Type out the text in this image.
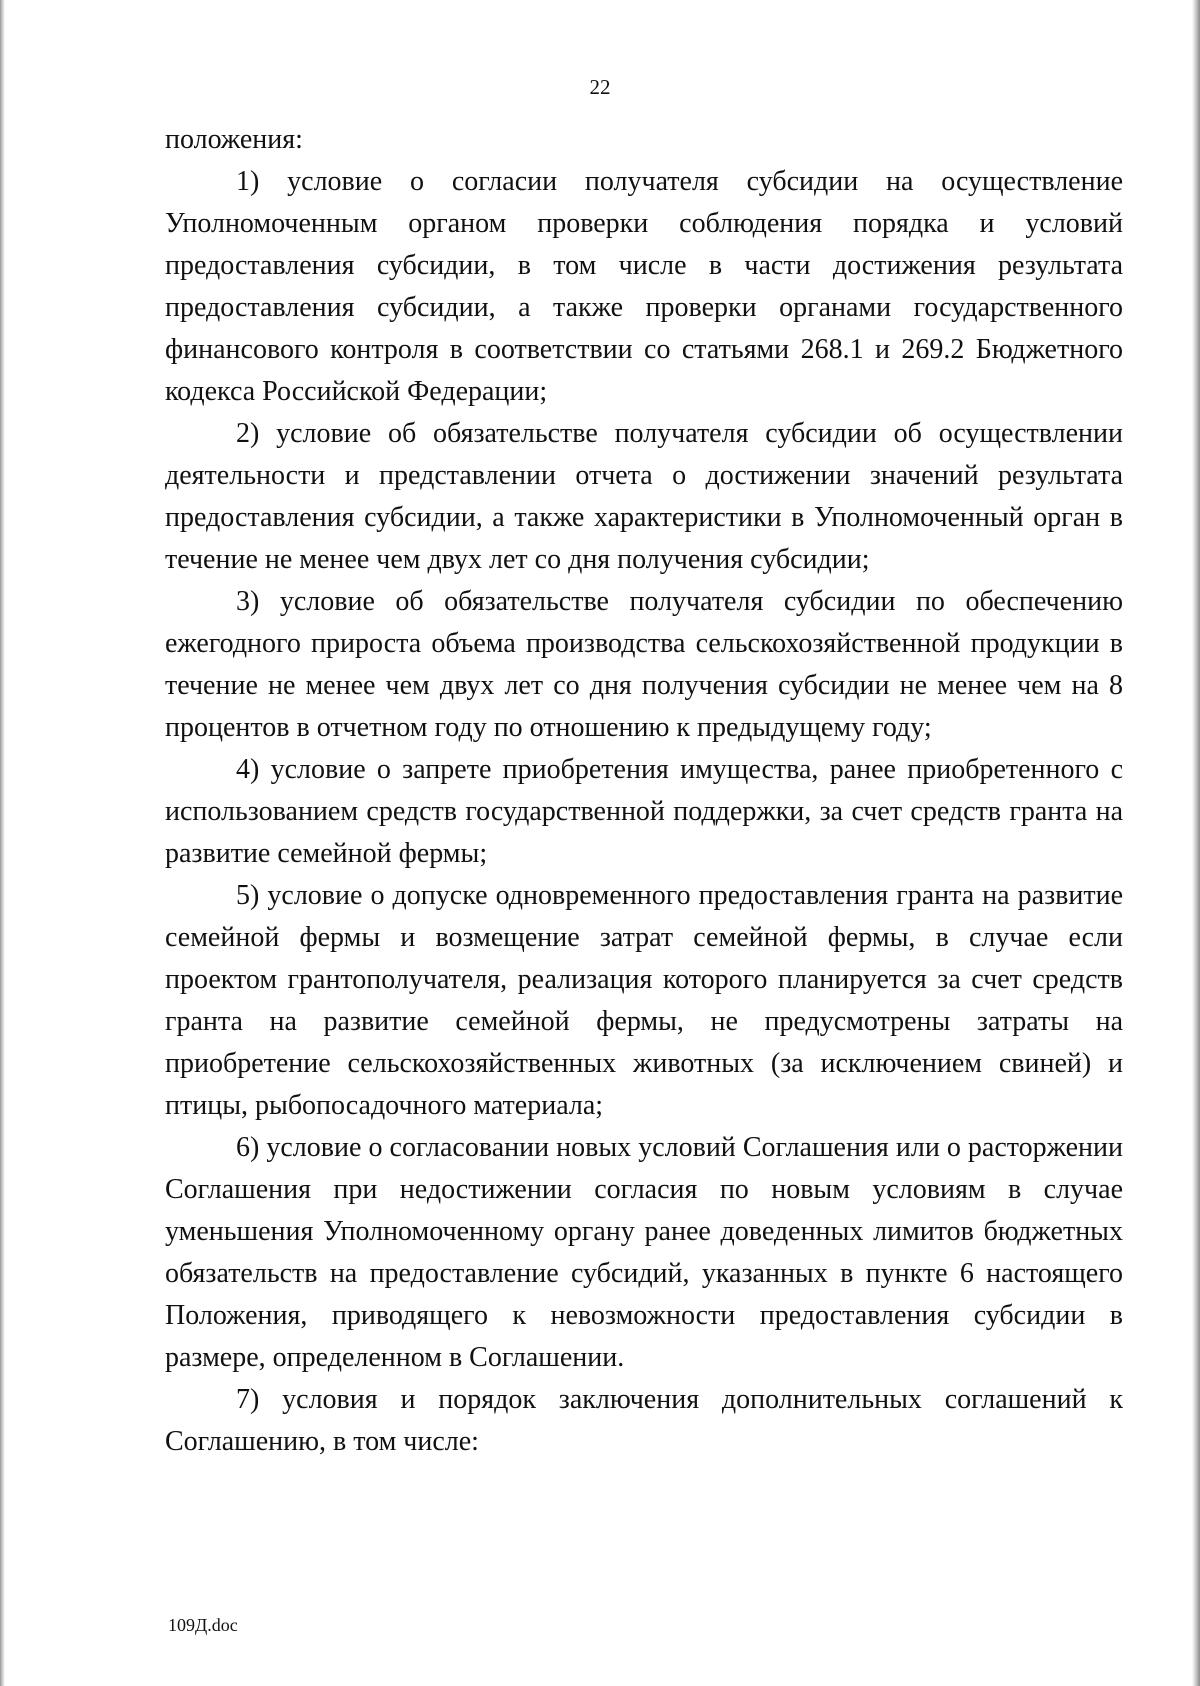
22

положения:

1) условие о согласии получателя субсидии на осуществление Уполномоченным органом проверки соблюдения порядка и условий предоставления субсидии, в том числе в части достижения результата предоставления субсидии, а также проверки органами государственного финансового контроля в соответствии со статьями 268.1 и 269.2 Бюджетного кодекса Российской Федерации;

2) условие об обязательстве получателя субсидии об осуществлении деятельности и представлении отчета о достижении значений результата предоставления субсидии, а также характеристики в Уполномоченный орган в течение не менее чем двух лет со дня получения субсидии;

3) условие об обязательстве получателя субсидии по обеспечению ежегодного прироста объема производства сельскохозяйственной продукции в течение не менее чем двух лет со дня получения субсидии не менее чем на 8 процентов в отчетном году по отношению к предыдущему году;

4) условие о запрете приобретения имущества, ранее приобретенного с использованием средств государственной поддержки, за счет средств гранта на развитие семейной фермы;

5) условие о допуске одновременного предоставления гранта на развитие семейной фермы и возмещение затрат семейной фермы, в случае если проектом грантополучателя, реализация которого планируется за счет средств гранта на развитие семейной фермы, не предусмотрены затраты на приобретение сельскохозяйственных животных (за исключением свиней) и птицы, рыбопосадочного материала;

6) условие о согласовании новых условий Соглашения или о расторжении Соглашения при недостижении согласия по новым условиям в случае уменьшения Уполномоченному органу ранее доведенных лимитов бюджетных обязательств на предоставление субсидий, указанных в пункте 6 настоящего Положения, приводящего к невозможности предоставления субсидии в размере, определенном в Соглашении.

7) условия и порядок заключения дополнительных соглашений к Соглашению, в том числе:

109Д.doc
